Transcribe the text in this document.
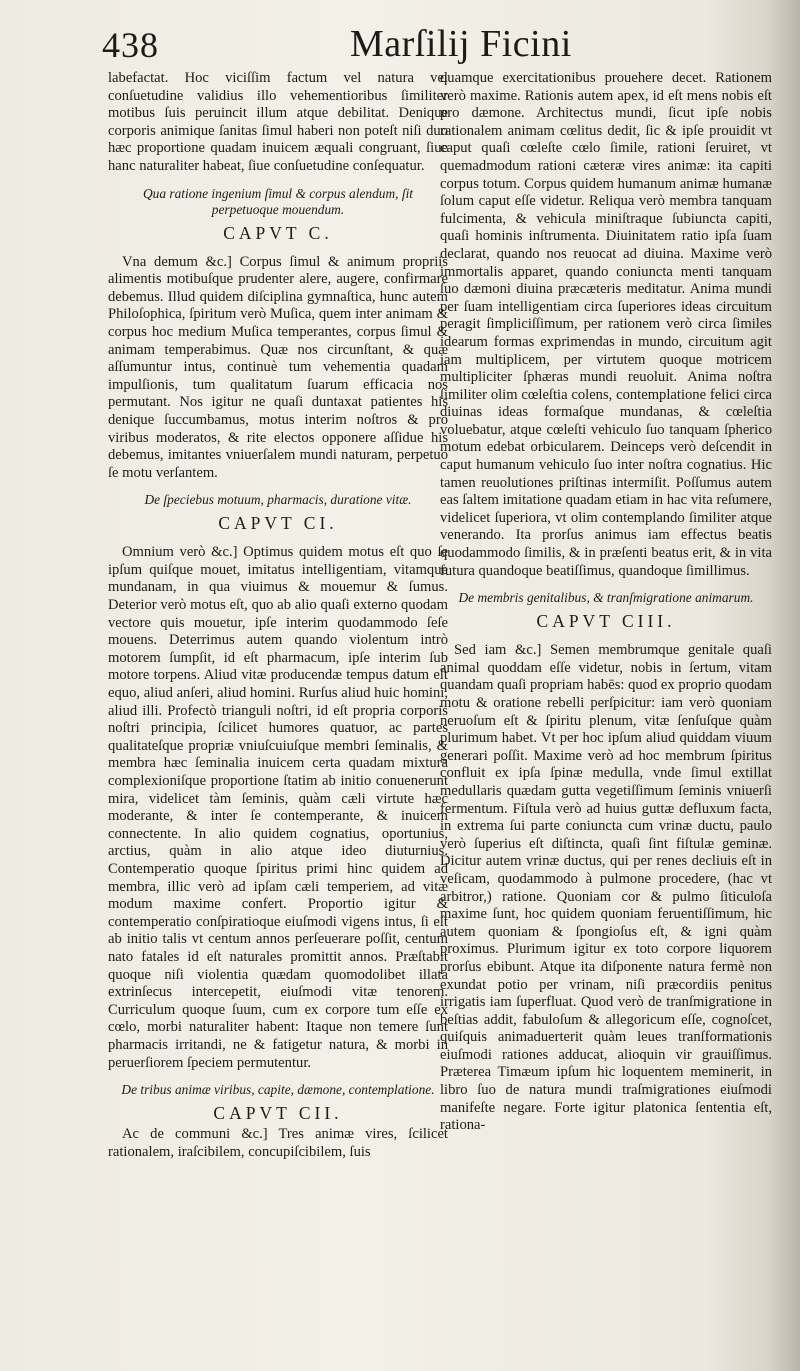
438	Marſilij Ficini

labefactat. Hoc viciſſim factum vel natura vel conſuetudine validius illo vehementioribus ſimiliter motibus ſuis peruincit illum atque debilitat. Denique corporis animique ſanitas ſimul haberi non poteſt niſi duo hæc proportione quadam inuicem æquali congruant, ſiue hanc naturaliter habeat, ſiue conſuetudine conſequatur.

Qua ratione ingenium ſimul & corpus alendum, ſit perpetuoque mouendum.
CAPVT C.

Vna demum &c.] Corpus ſimul & animum propriis alimentis motibuſque prudenter alere, augere, confirmare debemus. Illud quidem diſciplina gymnaſtica, hunc autem Philoſophica, ſpiritum verò Muſica, quem inter animam & corpus hoc medium Muſica temperantes, corpus ſimul & animam temperabimus. Quæ nos circunſtant, & quæ aſſumuntur intus, continuè tum vehementia quadam impulſionis, tum qualitatum ſuarum efficacia nos permutant. Nos igitur ne quaſi duntaxat patientes his denique ſuccumbamus, motus interim noſtros & pro viribus moderatos, & rite electos opponere aſſidue his debemus, imitantes vniuerſalem mundi naturam, perpetuo ſe motu verſantem.

De ſpeciebus motuum, pharmacis, duratione vitæ.
CAPVT CI.

Omnium verò &c.] Optimus quidem motus eſt quo ſe ipſum quiſque mouet, imitatus intelligentiam, vitamque mundanam, in qua viuimus & mouemur & ſumus. Deterior verò motus eſt, quo ab alio quaſi externo quodam vectore quis mouetur, ipſe interim quodammodo ſeſe mouens. Deterrimus autem quando violentum intrò motorem ſumpſit, id eſt pharmacum, ipſe interim ſub motore torpens. Aliud vitæ producendæ tempus datum eſt equo, aliud anſeri, aliud homini. Rurſus aliud huic homini, aliud illi. Profectò trianguli noſtri, id eſt propria corporis noſtri principia, ſcilicet humores quatuor, ac partes qualitateſque propriæ vniuſcuiuſque membri ſeminalis, & membra hæc ſeminalia inuicem certa quadam mixtura complexioniſque proportione ſtatim ab initio conuenerunt mira, videlicet tàm ſeminis, quàm cæli virtute hæc moderante, & inter ſe contemperante, & inuicem connectente. In alio quidem cognatius, oportunius, arctius, quàm in alio atque ideo diuturnius. Contemperatio quoque ſpiritus primi hinc quidem ad membra, illic verò ad ipſam cæli temperiem, ad vitæ modum maxime confert. Proportio igitur & contemperatio conſpiratioque eiuſmodi vigens intus, ſi eſt ab initio talis vt centum annos perſeuerare poſſit, centum nato fatales id eſt naturales promittit annos. Præſtabit quoque niſi violentia quædam quomodolibet illata extrinſecus intercepetit, eiuſmodi vitæ tenorem. Curriculum quoque ſuum, cum ex corpore tum eſſe ex cœlo, morbi naturaliter habent: Itaque non temere ſunt pharmacis irritandi, ne & fatigetur natura, & morbi in peruerſiorem ſpeciem permutentur.

De tribus animæ viribus, capite, dæmone, contemplatione.
CAPVT CII.

Ac de communi &c.] Tres animæ vires, ſcilicet rationalem, iraſcibilem, concupiſcibilem, ſuis

quamque exercitationibus prouehere decet. Rationem verò maxime. Rationis autem apex, id eſt mens nobis eſt pro dæmone. Architectus mundi, ſicut ipſe nobis rationalem animam cœlitus dedit, ſic & ipſe prouidit vt caput quaſi cœleſte cœlo ſimile, rationi ſeruiret, vt quemadmodum rationi cæteræ vires animæ: ita capiti corpus totum. Corpus quidem humanum animæ humanæ ſolum caput eſſe videtur. Reliqua verò membra tanquam fulcimenta, & vehicula miniſtraque ſubiuncta capiti, quaſi hominis inſtrumenta. Diuinitatem ratio ipſa ſuam declarat, quando nos reuocat ad diuina. Maxime verò immortalis apparet, quando coniuncta menti tanquam ſuo dæmoni diuina præcæteris meditatur. Anima mundi per ſuam intelligentiam circa ſuperiores ideas circuitum peragit ſimpliciſſimum, per rationem verò circa ſimiles idearum formas exprimendas in mundo, circuitum agit iam multiplicem, per virtutem quoque motricem multipliciter ſphæras mundi reuoluit. Anima noſtra ſimiliter olim cœleſtia colens, contemplatione felici circa diuinas ideas formaſque mundanas, & cœleſtia voluebatur, atque cœleſti vehiculo ſuo tanquam ſpherico motum edebat orbicularem. Deinceps verò deſcendit in caput humanum vehiculo ſuo inter noſtra cognatius. Hic tamen reuolutiones priſtinas intermiſit. Poſſumus autem eas ſaltem imitatione quadam etiam in hac vita reſumere, videlicet ſuperiora, vt olim contemplando ſimiliter atque venerando. Ita prorſus animus iam effectus beatis quodammodo ſimilis, & in præſenti beatus erit, & in vita futura quandoque beatiſſimus, quandoque ſimillimus.

De membris genitalibus, & tranſmigratione animarum.
CAPVT CIII.

Sed iam &c.] Semen membrumque genitale quaſi animal quoddam eſſe videtur, nobis in ſertum, vitam quandam quaſi propriam habēs: quod ex proprio quodam motu & oratione rebelli perſpicitur: iam verò quoniam neruoſum eſt & ſpiritu plenum, vitæ ſenſuſque quàm plurimum habet. Vt per hoc ipſum aliud quiddam viuum generari poſſit. Maxime verò ad hoc membrum ſpiritus confluit ex ipſa ſpinæ medulla, vnde ſimul extillat medullaris quædam gutta vegetiſſimum ſeminis vniuerſi fermentum. Fiſtula verò ad huius guttæ defluxum facta, in extrema ſui parte coniuncta cum vrinæ ductu, paulo verò ſuperius eſt diſtincta, quaſi ſint fiſtulæ geminæ. Dicitur autem vrinæ ductus, qui per renes decliuis eſt in veſicam, quodammodo à pulmone procedere, (hac vt arbitror,) ratione. Quoniam cor & pulmo ſiticuloſa maxime ſunt, hoc quidem quoniam feruentiſſimum, hic autem quoniam & ſpongioſus eſt, & igni quàm proximus. Plurimum igitur ex toto corpore liquorem prorſus ebibunt. Atque ita diſponente natura fermè non exundat potio per vrinam, niſi præcordiis penitus irrigatis iam ſuperfluat. Quod verò de tranſmigratione in beſtias addit, fabuloſum & allegoricum eſſe, cognoſcet, quiſquis animaduerterit quàm leues tranſformationis eiuſmodi rationes adducat, alioquin vir grauiſſimus. Præterea Timæum ipſum hic loquentem meminerit, in libro ſuo de natura mundi traſmigrationes eiuſmodi manifeſte negare. Forte igitur platonica ſententia eſt, rationa-
